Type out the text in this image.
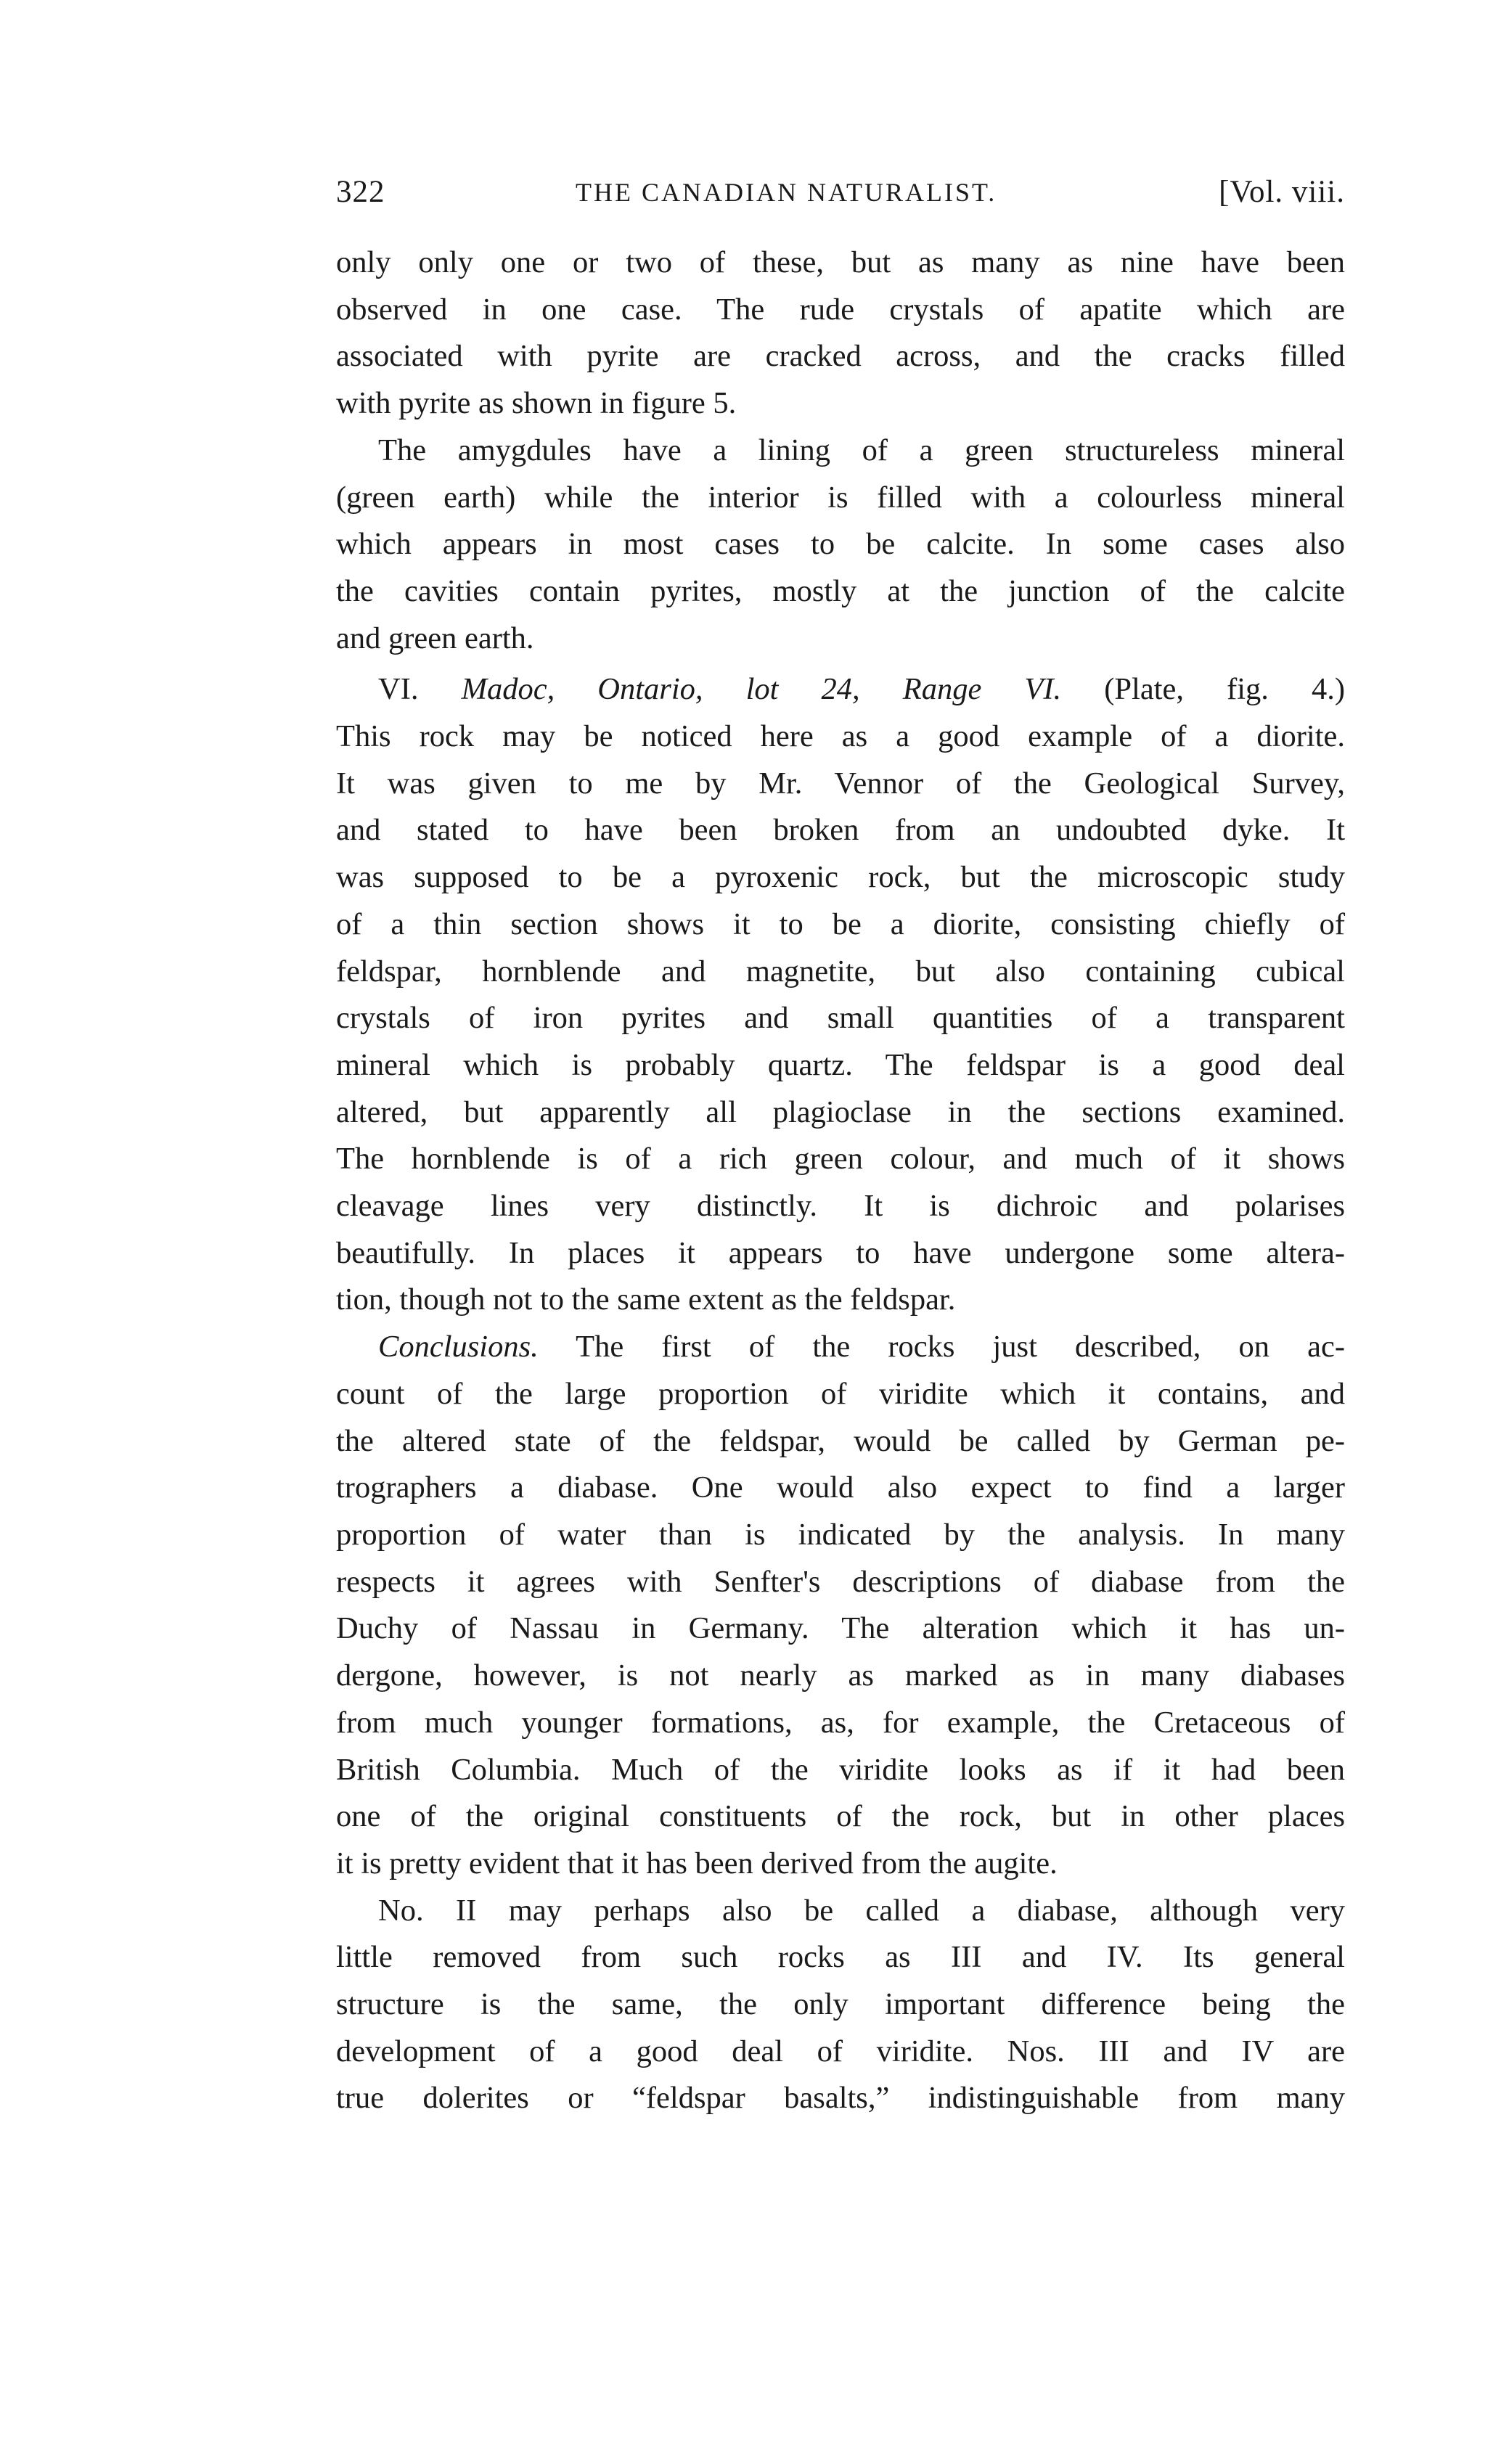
322	THE CANADIAN NATURALIST.	[Vol. viii.

only only one or two of these, but as many as nine have been
observed in one case. The rude crystals of apatite which are
associated with pyrite are cracked across, and the cracks filled
with pyrite as shown in figure 5.

The amygdules have a lining of a green structureless mineral
(green earth) while the interior is filled with a colourless mineral
which appears in most cases to be calcite. In some cases also
the cavities contain pyrites, mostly at the junction of the calcite
and green earth.

VI. Madoc, Ontario, lot 24, Range VI. (Plate, fig. 4.)
This rock may be noticed here as a good example of a diorite.
It was given to me by Mr. Vennor of the Geological Survey,
and stated to have been broken from an undoubted dyke. It
was supposed to be a pyroxenic rock, but the microscopic study
of a thin section shows it to be a diorite, consisting chiefly of
feldspar, hornblende and magnetite, but also containing cubical
crystals of iron pyrites and small quantities of a transparent
mineral which is probably quartz. The feldspar is a good deal
altered, but apparently all plagioclase in the sections examined.
The hornblende is of a rich green colour, and much of it shows
cleavage lines very distinctly. It is dichroic and polarises
beautifully. In places it appears to have undergone some altera-
tion, though not to the same extent as the feldspar.

Conclusions. The first of the rocks just described, on ac-
count of the large proportion of viridite which it contains, and
the altered state of the feldspar, would be called by German pe-
trographers a diabase. One would also expect to find a larger
proportion of water than is indicated by the analysis. In many
respects it agrees with Senfter's descriptions of diabase from the
Duchy of Nassau in Germany. The alteration which it has un-
dergone, however, is not nearly as marked as in many diabases
from much younger formations, as, for example, the Cretaceous of
British Columbia. Much of the viridite looks as if it had been
one of the original constituents of the rock, but in other places
it is pretty evident that it has been derived from the augite.

No. II may perhaps also be called a diabase, although very
little removed from such rocks as III and IV. Its general
structure is the same, the only important difference being the
development of a good deal of viridite. Nos. III and IV are
true dolerites or “feldspar basalts,” indistinguishable from many
